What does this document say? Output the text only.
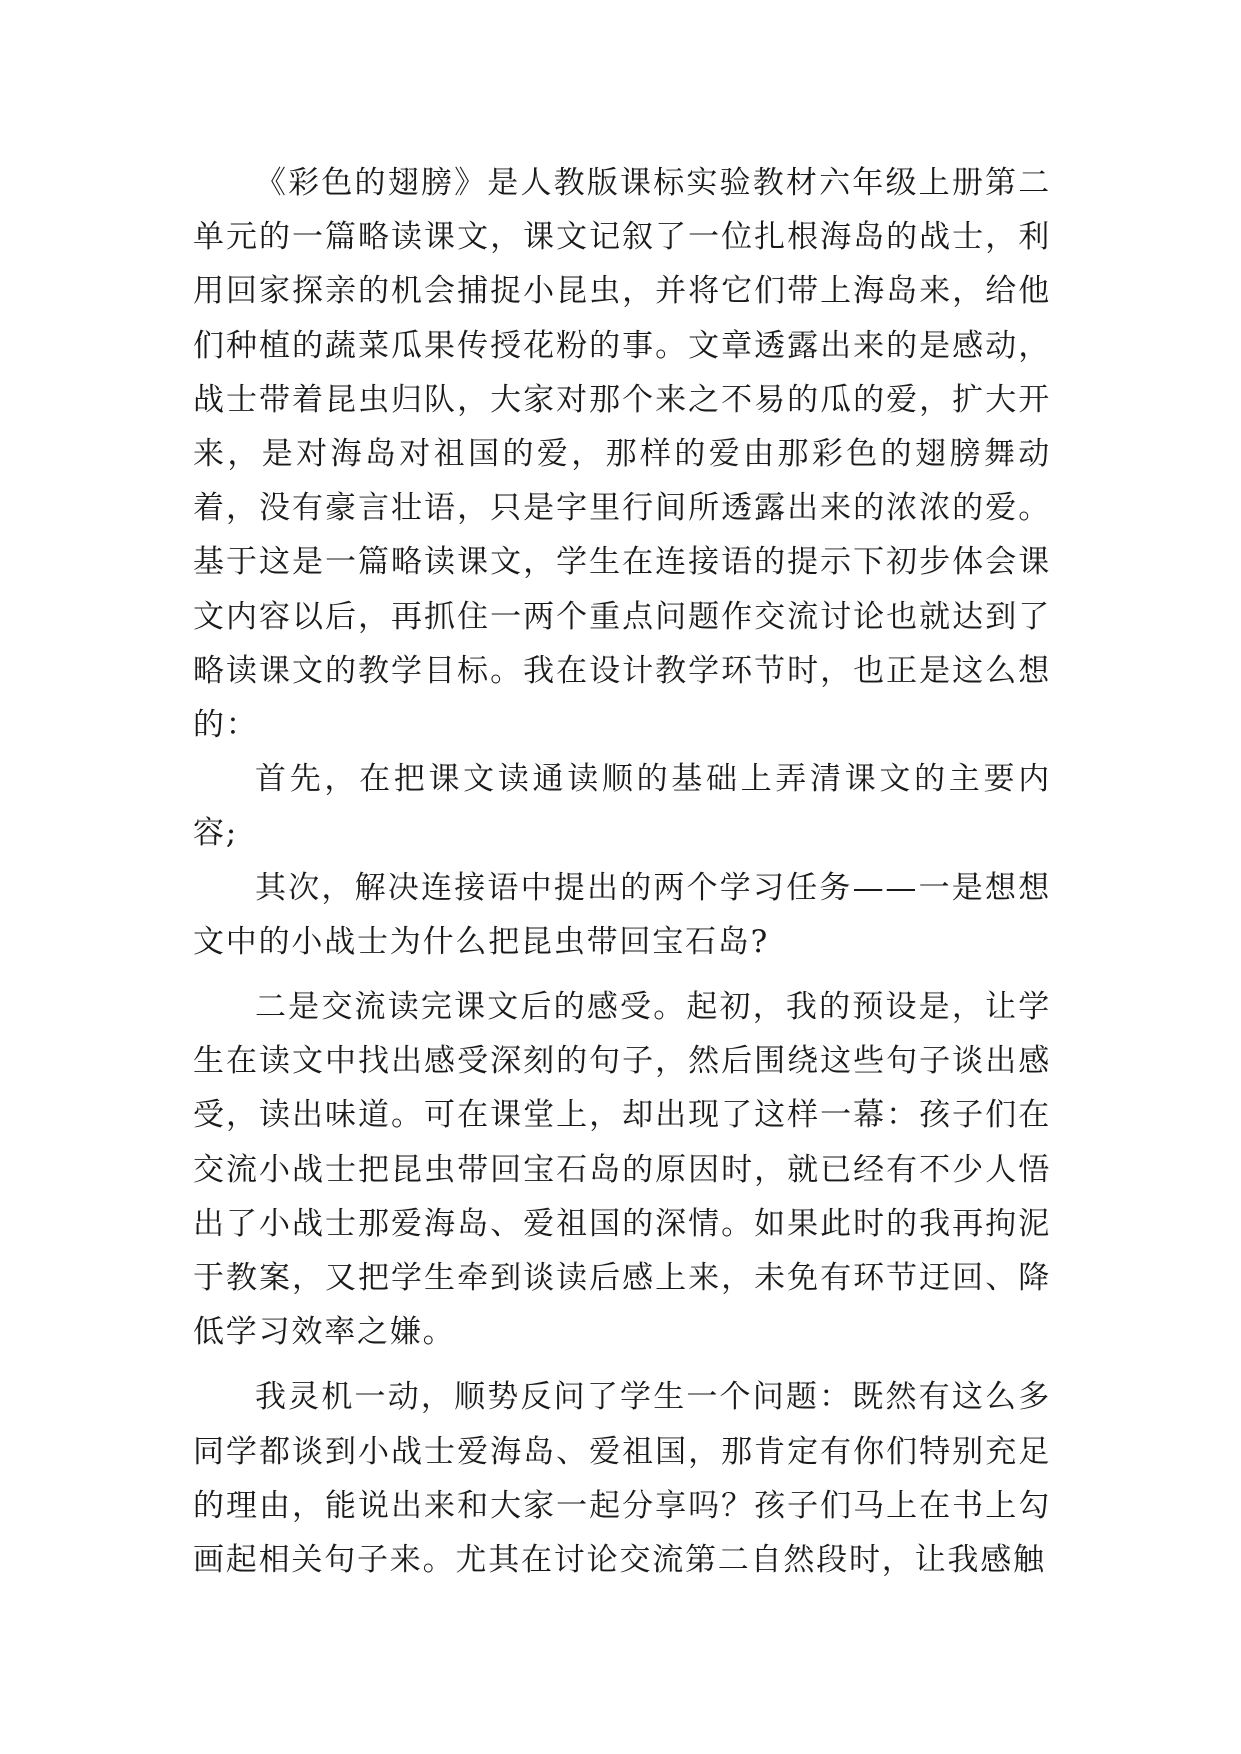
《彩色的翅膀》是人教版课标实验教材六年级上册第二单元的一篇略读课文，课文记叙了一位扎根海岛的战士，利用回家探亲的机会捕捉小昆虫，并将它们带上海岛来，给他们种植的蔬菜瓜果传授花粉的事。文章透露出来的是感动，战士带着昆虫归队，大家对那个来之不易的瓜的爱，扩大开来，是对海岛对祖国的爱，那样的爱由那彩色的翅膀舞动着，没有豪言壮语，只是字里行间所透露出来的浓浓的爱。基于这是一篇略读课文，学生在连接语的提示下初步体会课文内容以后，再抓住一两个重点问题作交流讨论也就达到了略读课文的教学目标。我在设计教学环节时，也正是这么想的：

首先，在把课文读通读顺的基础上弄清课文的主要内容;

其次，解决连接语中提出的两个学习任务——一是想想文中的小战士为什么把昆虫带回宝石岛?

二是交流读完课文后的感受。起初，我的预设是，让学生在读文中找出感受深刻的句子，然后围绕这些句子谈出感受，读出味道。可在课堂上，却出现了这样一幕：孩子们在交流小战士把昆虫带回宝石岛的原因时，就已经有不少人悟出了小战士那爱海岛、爱祖国的深情。如果此时的我再拘泥于教案，又把学生牵到谈读后感上来，未免有环节迂回、降低学习效率之嫌。

我灵机一动，顺势反问了学生一个问题：既然有这么多同学都谈到小战士爱海岛、爱祖国，那肯定有你们特别充足的理由，能说出来和大家一起分享吗？孩子们马上在书上勾画起相关句子来。尤其在讨论交流第二自然段时，让我感触
